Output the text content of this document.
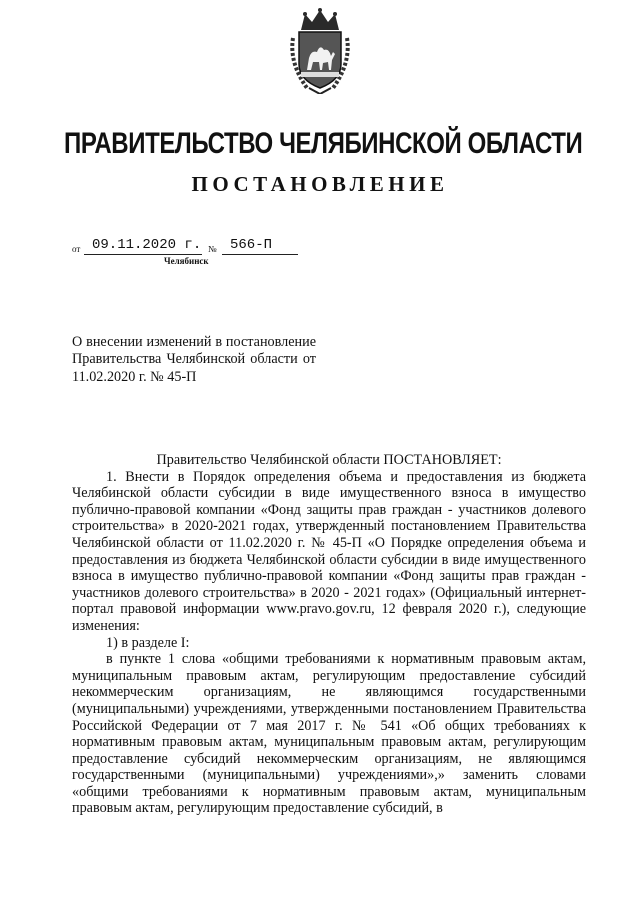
ПРАВИТЕЛЬСТВО ЧЕЛЯБИНСКОЙ ОБЛАСТИ
ПОСТАНОВЛЕНИЕ
от 09.11.2020 г. № 566-П
Челябинск
О внесении изменений в постановление Правительства Челябинской области от 11.02.2020 г. № 45-П

Правительство Челябинской области ПОСТАНОВЛЯЕТ:

1. Внести в Порядок определения объема и предоставления из бюджета Челябинской области субсидии в виде имущественного взноса в имущество публично-правовой компании «Фонд защиты прав граждан - участников долевого строительства» в 2020-2021 годах, утвержденный постановлением Правительства Челябинской области от 11.02.2020 г. № 45-П «О Порядке определения объема и предоставления из бюджета Челябинской области субсидии в виде имущественного взноса в имущество публично-правовой компании «Фонд защиты прав граждан - участников долевого строительства» в 2020 - 2021 годах» (Официальный интернет-портал правовой информации www.pravo.gov.ru, 12 февраля 2020 г.), следующие изменения:

1) в разделе I:

в пункте 1 слова «общими требованиями к нормативным правовым актам, муниципальным правовым актам, регулирующим предоставление субсидий некоммерческим организациям, не являющимся государственными (муниципальными) учреждениями, утвержденными постановлением Правительства Российской Федерации от 7 мая 2017 г. № 541 «Об общих требованиях к нормативным правовым актам, муниципальным правовым актам, регулирующим предоставление субсидий некоммерческим организациям, не являющимся государственными (муниципальными) учреждениями»,» заменить словами «общими требованиями к нормативным правовым актам, муниципальным правовым актам, регулирующим предоставление субсидий, в
